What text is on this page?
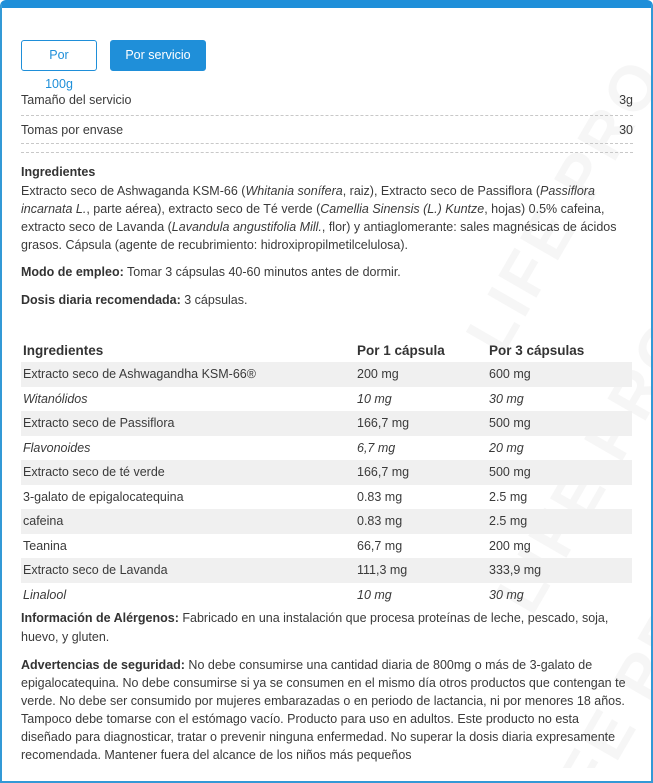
Por 100g
Por servicio
Tamaño del servicio	3g
Tomas por envase	30
Ingredientes
Extracto seco de Ashwaganda KSM-66 (Whitania sonífera, raiz), Extracto seco de Passiflora (Passiflora incarnata L., parte aérea), extracto seco de Té verde (Camellia Sinensis (L.) Kuntze, hojas) 0.5% cafeina, extracto seco de Lavanda (Lavandula angustifolia Mill., flor) y antiaglomerante: sales magnésicas de ácidos grasos. Cápsula (agente de recubrimiento: hidroxipropilmetilcelulosa).
Modo de empleo: Tomar 3 cápsulas 40-60 minutos antes de dormir.
Dosis diaria recomendada: 3 cápsulas.
Ingredientes	Por 1 cápsula	Por 3 cápsulas
Extracto seco de Ashwagandha KSM-66®	200 mg	600 mg
Witanólidos	10 mg	30 mg
Extracto seco de Passiflora	166,7 mg	500 mg
Flavonoides	6,7 mg	20 mg
Extracto seco de té verde	166,7 mg	500 mg
3-galato de epigalocatequina	0.83 mg	2.5 mg
cafeina	0.83 mg	2.5 mg
Teanina	66,7 mg	200 mg
Extracto seco de Lavanda	111,3 mg	333,9 mg
Linalool	10 mg	30 mg
Información de Alérgenos: Fabricado en una instalación que procesa proteínas de leche, pescado, soja, huevo, y gluten.
Advertencias de seguridad: No debe consumirse una cantidad diaria de 800mg o más de 3-galato de epigalocatequina. No debe consumirse si ya se consumen en el mismo día otros productos que contengan te verde. No debe ser consumido por mujeres embarazadas o en periodo de lactancia, ni por menores 18 años. Tampoco debe tomarse con el estómago vacío. Producto para uso en adultos. Este producto no esta diseñado para diagnosticar, tratar o prevenir ninguna enfermedad. No superar la dosis diaria expresamente recomendada. Mantener fuera del alcance de los niños más pequeños
